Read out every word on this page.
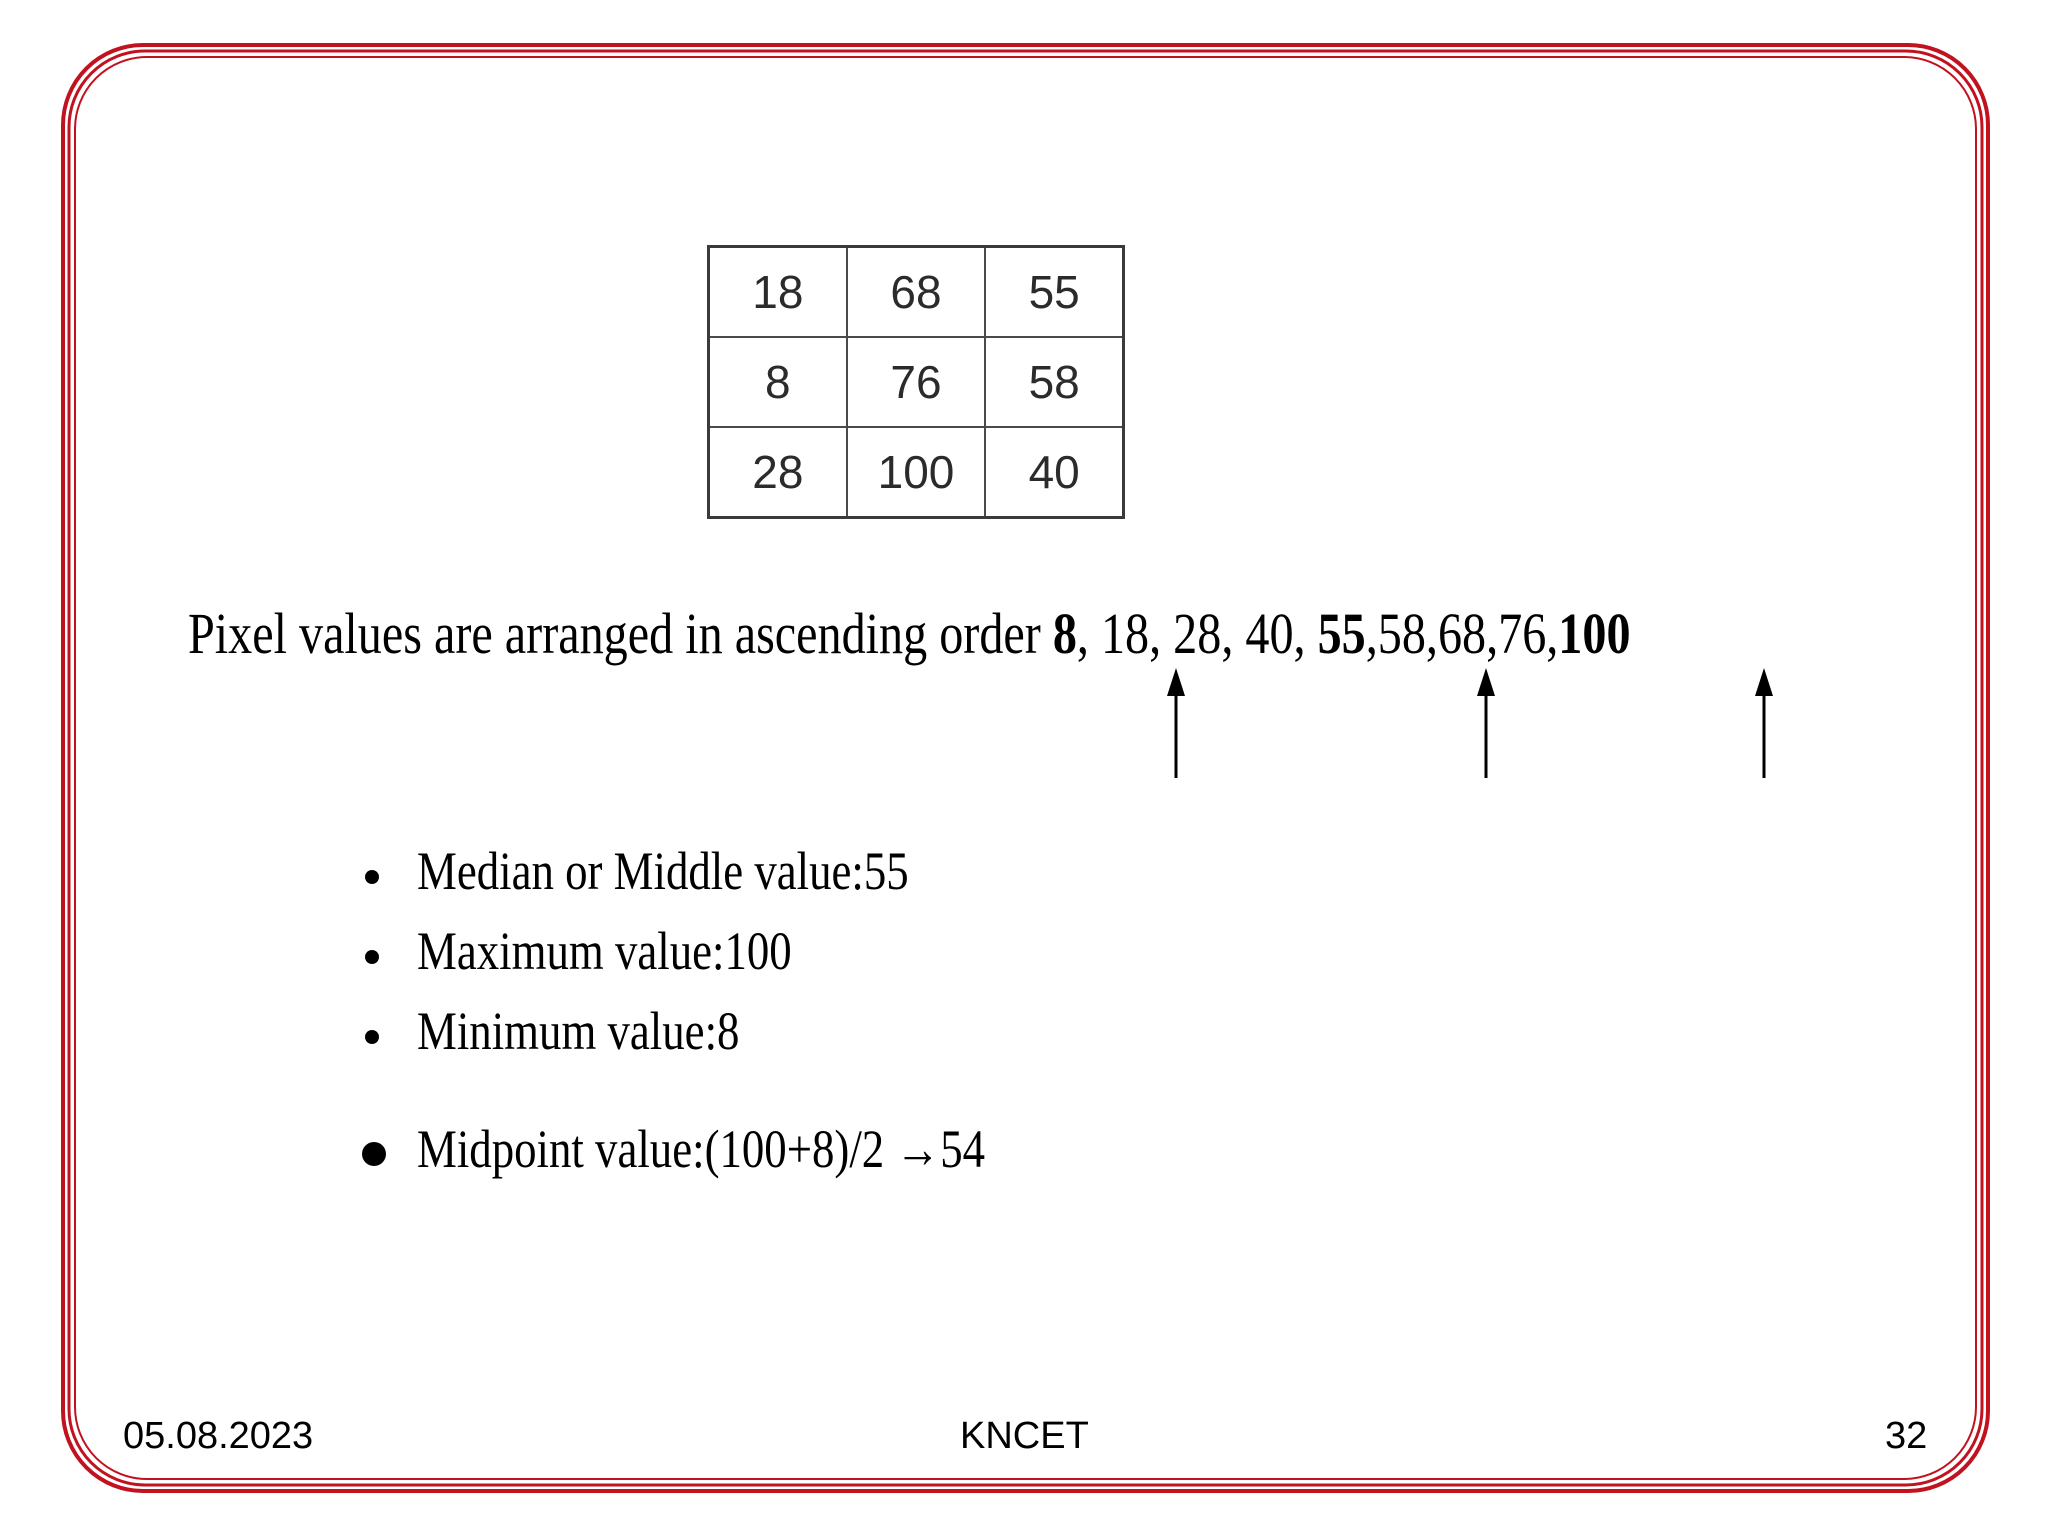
18	68	55
8	76	58
28	100	40
Pixel values are arranged in ascending order 8, 18, 28, 40, 55,58,68,76,100
Median or Middle value:55
Maximum value:100
Minimum value:8
Midpoint value:(100+8)/2 →54
05.08.2023	KNCET	32
